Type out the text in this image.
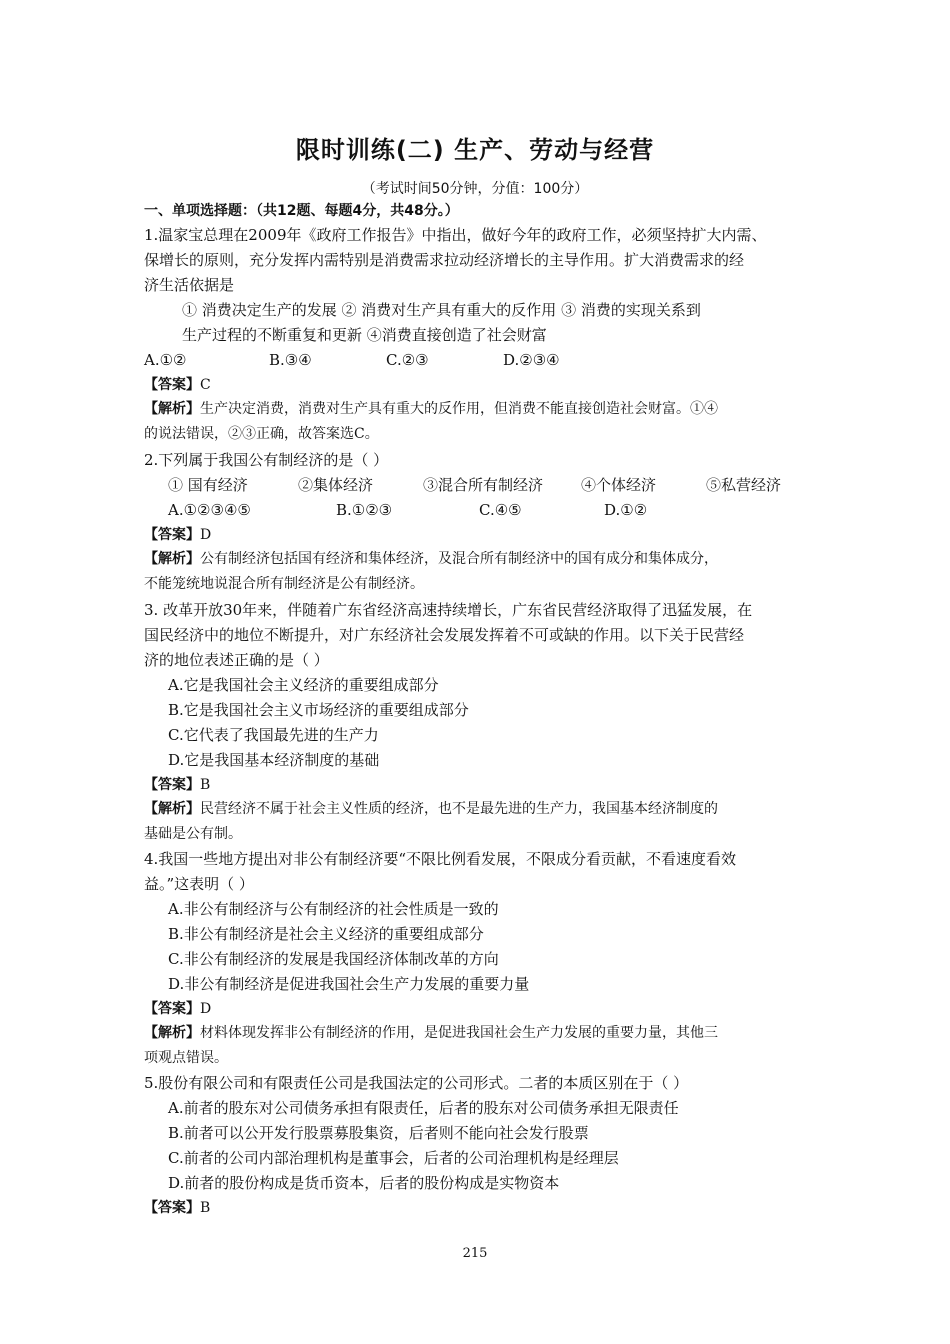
限时训练(二) 生产、劳动与经营
（考试时间50分钟，分值：100分）
一、单项选择题：（共12题、每题4分，共48分。）
1.温家宝总理在2009年《政府工作报告》中指出，做好今年的政府工作，必须坚持扩大内需、
保增长的原则，充分发挥内需特别是消费需求拉动经济增长的主导作用。扩大消费需求的经
济生活依据是
① 消费决定生产的发展 ② 消费对生产具有重大的反作用 ③ 消费的实现关系到
生产过程的不断重复和更新 ④消费直接创造了社会财富
A.①②	B.③④	C.②③	D.②③④
【答案】C
【解析】生产决定消费，消费对生产具有重大的反作用，但消费不能直接创造社会财富。①④
的说法错误，②③正确，故答案选C。
2.下列属于我国公有制经济的是（ ）
① 国有经济	②集体经济	③混合所有制经济	④个体经济	⑤私营经济
A.①②③④⑤	B.①②③	C.④⑤	D.①②
【答案】D
【解析】公有制经济包括国有经济和集体经济，及混合所有制经济中的国有成分和集体成分，
不能笼统地说混合所有制经济是公有制经济。
3. 改革开放30年来，伴随着广东省经济高速持续增长，广东省民营经济取得了迅猛发展，在
国民经济中的地位不断提升，对广东经济社会发展发挥着不可或缺的作用。以下关于民营经
济的地位表述正确的是（ ）
A.它是我国社会主义经济的重要组成部分
B.它是我国社会主义市场经济的重要组成部分
C.它代表了我国最先进的生产力
D.它是我国基本经济制度的基础
【答案】B
【解析】民营经济不属于社会主义性质的经济，也不是最先进的生产力，我国基本经济制度的
基础是公有制。
4.我国一些地方提出对非公有制经济要“不限比例看发展，不限成分看贡献，不看速度看效
益。”这表明（ ）
A.非公有制经济与公有制经济的社会性质是一致的
B.非公有制经济是社会主义经济的重要组成部分
C.非公有制经济的发展是我国经济体制改革的方向
D.非公有制经济是促进我国社会生产力发展的重要力量
【答案】D
【解析】材料体现发挥非公有制经济的作用，是促进我国社会生产力发展的重要力量，其他三
项观点错误。
5.股份有限公司和有限责任公司是我国法定的公司形式。二者的本质区别在于（ ）
A.前者的股东对公司债务承担有限责任，后者的股东对公司债务承担无限责任
B.前者可以公开发行股票募股集资，后者则不能向社会发行股票
C.前者的公司内部治理机构是董事会，后者的公司治理机构是经理层
D.前者的股份构成是货币资本，后者的股份构成是实物资本
【答案】B
215
